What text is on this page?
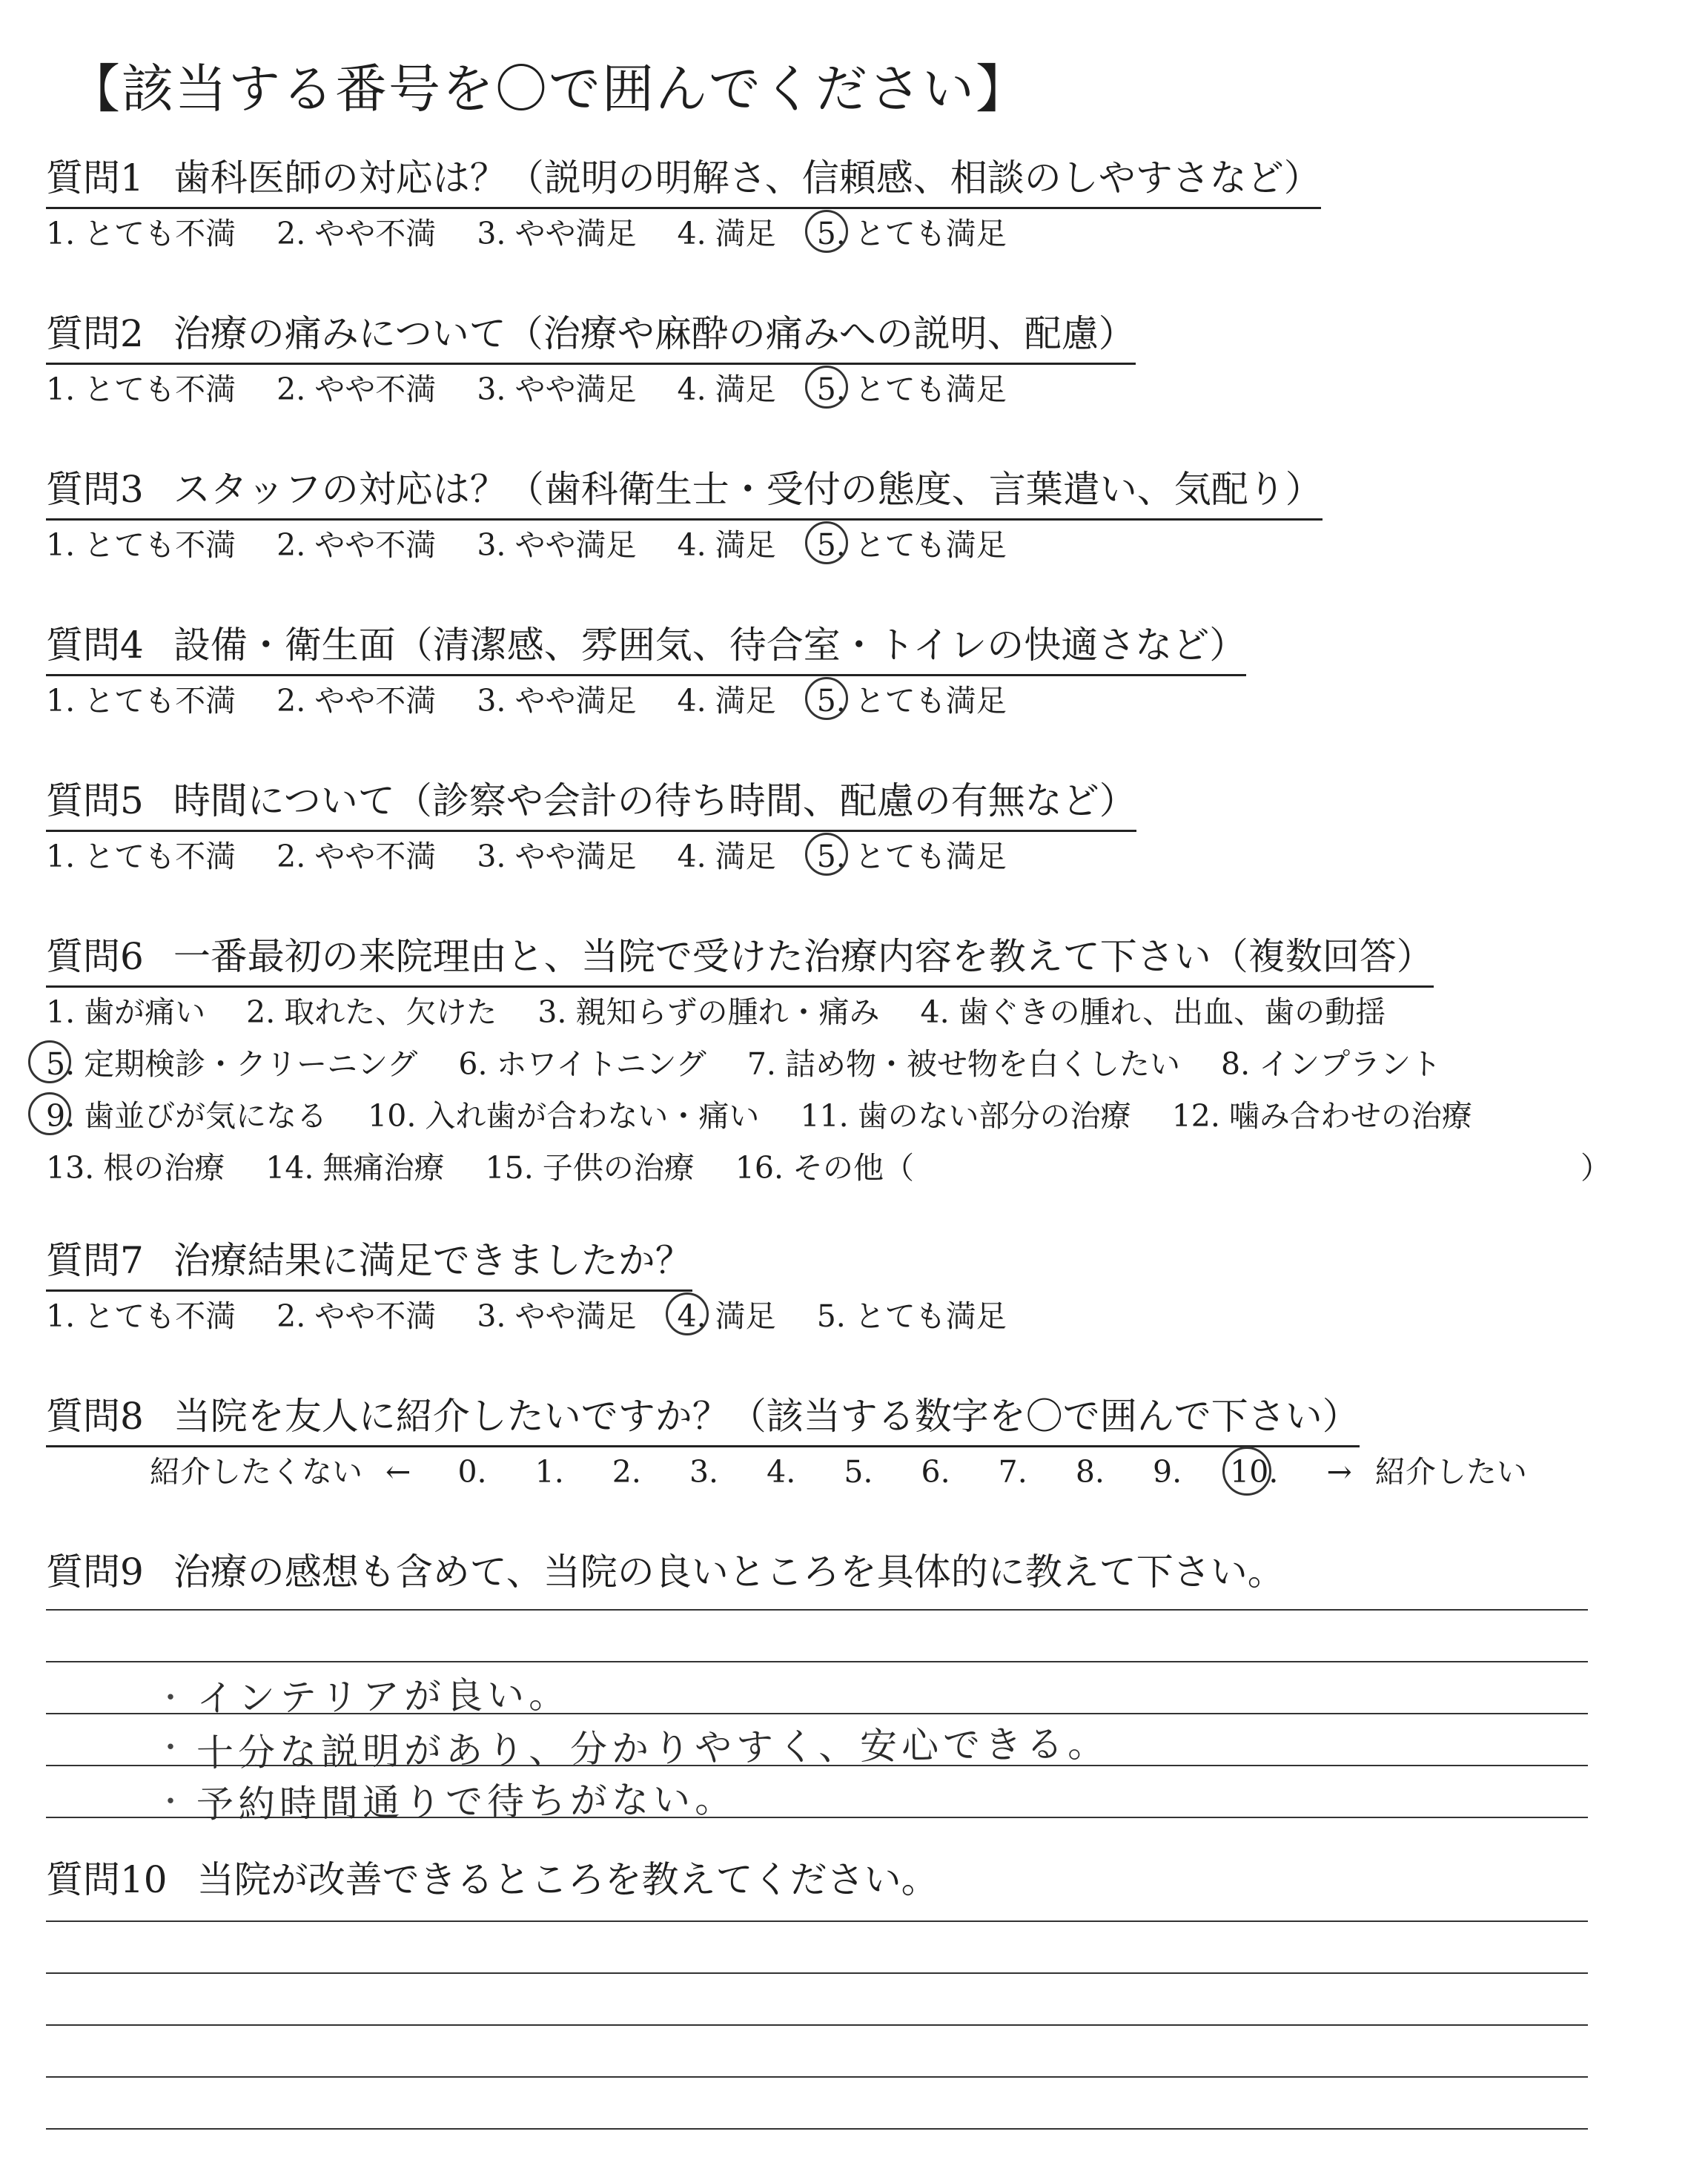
【該当する番号を〇で囲んでください】
質問1 歯科医師の対応は？（説明の明解さ、信頼感、相談のしやすさなど）
1. とても不満 2. やや不満 3. やや満足 4. 満足 5. とても満足
質問2 治療の痛みについて（治療や麻酔の痛みへの説明、配慮）
1. とても不満 2. やや不満 3. やや満足 4. 満足 5. とても満足
質問3 スタッフの対応は？（歯科衛生士・受付の態度、言葉遣い、気配り）
1. とても不満 2. やや不満 3. やや満足 4. 満足 5. とても満足
質問4 設備・衛生面（清潔感、雰囲気、待合室・トイレの快適さなど）
1. とても不満 2. やや不満 3. やや満足 4. 満足 5. とても満足
質問5 時間について（診察や会計の待ち時間、配慮の有無など）
1. とても不満 2. やや不満 3. やや満足 4. 満足 5. とても満足
質問6 一番最初の来院理由と、当院で受けた治療内容を教えて下さい（複数回答）
1. 歯が痛い 2. 取れた、欠けた 3. 親知らずの腫れ・痛み 4. 歯ぐきの腫れ、出血、歯の動揺
5. 定期検診・クリーニング 6. ホワイトニング 7. 詰め物・被せ物を白くしたい 8. インプラント
9. 歯並びが気になる 10. 入れ歯が合わない・痛い 11. 歯のない部分の治療 12. 噛み合わせの治療
13. 根の治療 14. 無痛治療 15. 子供の治療 16. その他（	）
質問7 治療結果に満足できましたか？
1. とても不満 2. やや不満 3. やや満足 4. 満足 5. とても満足
質問8 当院を友人に紹介したいですか？（該当する数字を〇で囲んで下さい）
紹介したくない ← 0. 1. 2. 3. 4. 5. 6. 7. 8. 9. 10. → 紹介したい
質問9 治療の感想も含めて、当院の良いところを具体的に教えて下さい。
・ インテリアが良い。
・ 十分な説明があり、分かりやすく、安心できる。
・ 予約時間通りで待ちがない。
質問10 当院が改善できるところを教えてください。
